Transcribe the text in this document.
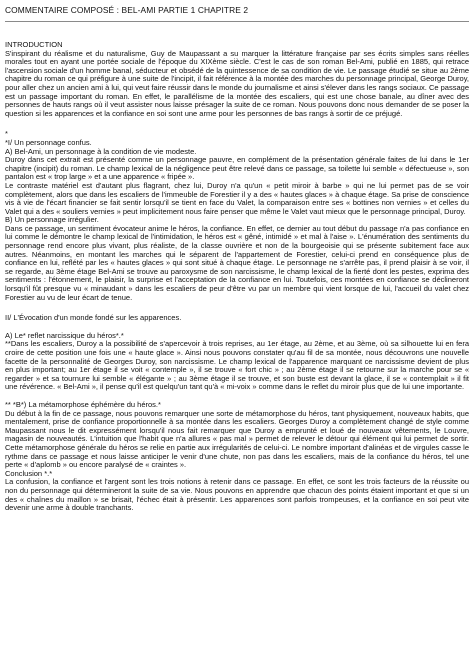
COMMENTAIRE COMPOSÉ : BEL-AMI PARTIE 1 CHAPITRE 2

INTRODUCTION

S'inspirant du réalisme et du naturalisme, Guy de Maupassant a su marquer la littérature française par ses écrits simples sans réelles morales tout en ayant une portée sociale de l'époque du XIXème siècle. C'est le cas de son roman Bel-Ami, publié en 1885, qui retrace l'ascension sociale d'un homme banal, séducteur et obsédé de la quintessence de sa condition de vie. Le passage étudié se situe au 2ème chapitre du roman ce qui préfigure à une suite de l'incipit, il fait référence à la montée des marches du personnage principal, George Duroy, pour aller chez un ancien ami à lui, qui veut faire réussir dans le monde du journalisme et ainsi s'élever dans les rangs sociaux. Ce passage est un passage important du roman. En effet, le parallélisme de la montée des escaliers, qui est une chose banale, au dîner avec des personnes de hauts rangs où il veut assister nous laisse présager la suite de ce roman. Nous pouvons donc nous demander de se poser la question si les apparences et la confiance en soi sont une arme pour les personnes de bas rangs à sortir de ce préjugé.

*

*I/ Un personnage confus.

A) Bel-Ami, un personnage à la condition de vie modeste.

Duroy dans cet extrait est présenté comme un personnage pauvre, en complément de la présentation générale faites de lui dans le 1er chapitre (incipit) du roman. Le champ lexical de la négligence peut être relevé dans ce passage, sa toilette lui semble « défectueuse », son pantalon est « trop large » et a une apparence « fripée ».
Le contraste matériel est d'autant plus flagrant, chez lui, Duroy n'a qu'un « petit miroir à barbe » qui ne lui permet pas de se voir complètement, alors que dans les escaliers de l'immeuble de Forestier il y a des « hautes glaces » à chaque étage. Sa prise de conscience vis à vie de l'écart financier se fait sentir lorsqu'il se tient en face du Valet, la comparaison entre ses « bottines non vernies » et celles du Valet qui a des « souliers vernies » peut implicitement nous faire penser que même le Valet vaut mieux que le personnage principal, Duroy.

B) Un personnage irrégulier.

Dans ce passage, un sentiment évocateur anime le héros, la confiance. En effet, ce dernier au tout début du passage n'a pas confiance en lui comme le démontre le champ lexical de l'intimidation, le héros est « gêné, intimidé » et mal à l'aise ». L'énumération des sentiments du personnage rend encore plus vivant, plus réaliste, de la classe ouvrière et non de la bourgeoisie qui se présente subitement face aux autres. Néanmoins, en montant les marches qui le séparent de l'appartement de Forestier, celui-ci prend en conséquence plus de confiance en lui, reflété par les « hautes glaces » qui sont situé à chaque étage. Le personnage ne s'arrête pas, il prend plaisir à se voir, il se regarde, au 3ème étage Bel-Ami se trouve au paroxysme de son narcissisme, le champ lexical de la fierté dont les pestes, exprima des sentiments : l'étonnement, le plaisir, la surprise et l'acceptation de la confiance en lui. Toutefois, ces montées en confiance se déclineront lorsqu'il fût presque vu « minaudant » dans les escaliers de peur d'être vu par un membre qui vient lorsque de lui, l'accueil du valet chez Forestier au vu de leur écart de tenue.

II/ L'Évocation d'un monde fondé sur les apparences.

A) Le* reflet narcissique du héros*.*

**Dans les escaliers, Duroy a la possibilité de s'apercevoir à trois reprises, au 1er étage, au 2ème, et au 3ème, où sa silhouette lui en fera croire de cette position une fois une « haute glace ». Ainsi nous pouvons constater qu'au fil de sa montée, nous découvrons une nouvelle facette de la personnalité de Georges Duroy, son narcissisme. Le champ lexical de l'apparence marquant ce narcissisme devient de plus en plus important; au 1er étage il se voit « contemple », il se trouve « fort chic » ; au 2ème étage il se retourne sur la marche pour se « regarder » et sa tournure lui semble « élégante » ; au 3ème étage il se trouve, et son buste est devant la glace, il se « contemplait » il fit une révérence. « Bel-Ami », il pense qu'il est quelqu'un tant qu'à « mi-voix » comme dans le reflet du miroir plus que de lui une importante.

** *B*) La métamorphose éphémère du héros.*

Du début à la fin de ce passage, nous pouvons remarquer une sorte de métamorphose du héros, tant physiquement, nouveaux habits, que mentalement, prise de confiance proportionnelle à sa montée dans les escaliers. Georges Duroy a complètement changé de style comme Maupassant nous le dit expressément lorsqu'il nous fait remarquer que Duroy a emprunté et loué de nouveaux vêtements, le Louvre, magasin de nouveautés. L'intuition que l'habit que n'a allures « pas mal » permet de relever le détour qui élément qui lui permet de sortir. Cette métamorphose générale du héros se relie en partie aux irrégularités de celui-ci. Le nombre important d'alinéas et de virgules casse le rythme dans ce passage et nous laisse anticiper le venir d'une chute, non pas dans les escaliers, mais de la confiance du héros, tel une perte « d'aplomb » ou encore paralysé de « craintes ».

Conclusion *.*

La confusion, la confiance et l'argent sont les trois notions à retenir dans ce passage. En effet, ce sont les trois facteurs de la réussite ou non du personnage qui détermineront la suite de sa vie. Nous pouvons en apprendre que chacun des points étaient important et que si un des « chaînes du maillon » se brisait, l'échec était à présentir. Les apparences sont parfois trompeuses, et la confiance en soi peut vite devenir une arme à double tranchants.
